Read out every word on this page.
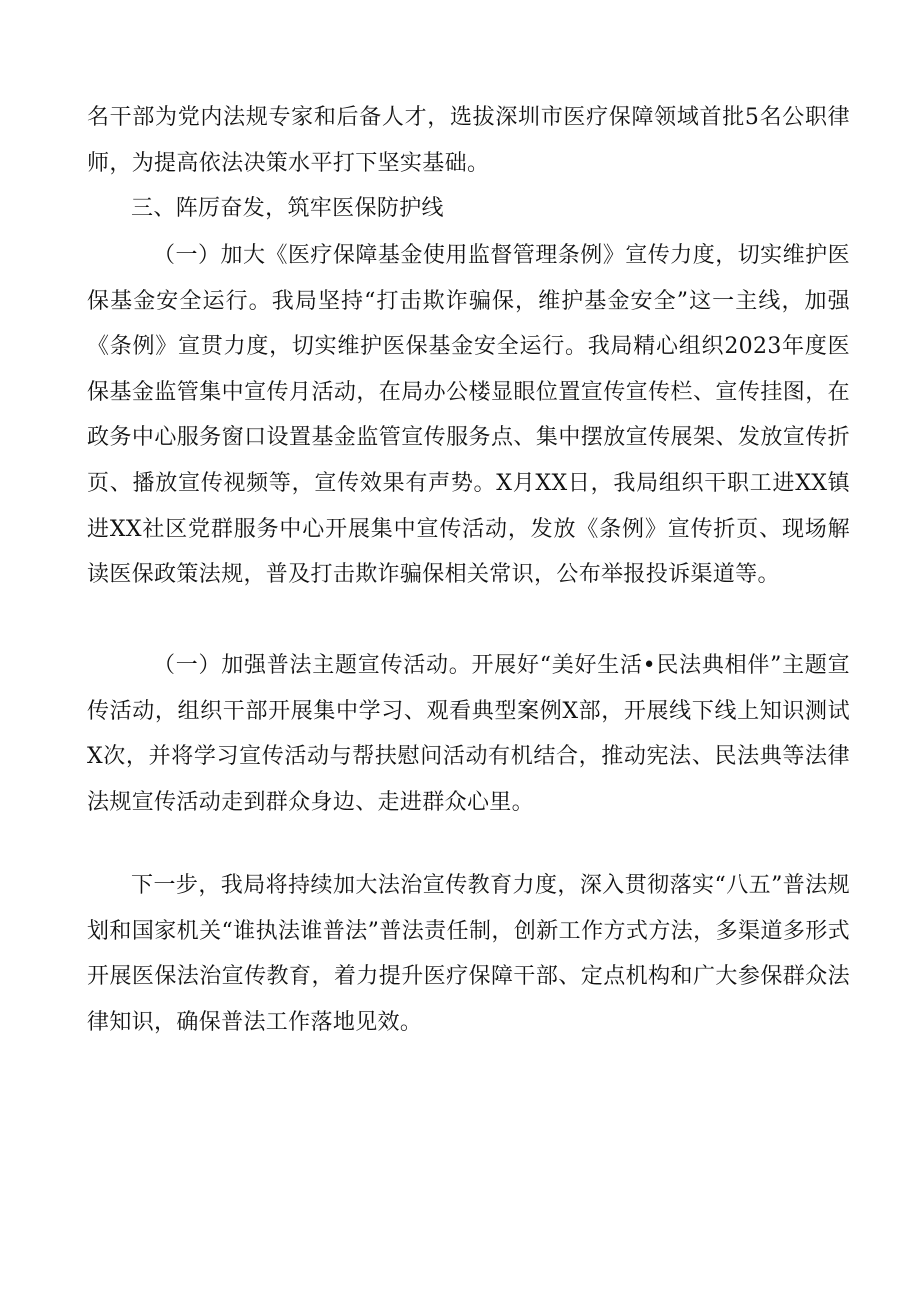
名干部为党内法规专家和后备人才，选拔深圳市医疗保障领域首批5名公职律师，为提高依法决策水平打下坚实基础。

三、阵厉奋发，筑牢医保防护线

（一）加大《医疗保障基金使用监督管理条例》宣传力度，切实维护医保基金安全运行。我局坚持“打击欺诈骗保，维护基金安全”这一主线，加强《条例》宣贯力度，切实维护医保基金安全运行。我局精心组织2023年度医保基金监管集中宣传月活动，在局办公楼显眼位置宣传宣传栏、宣传挂图，在政务中心服务窗口设置基金监管宣传服务点、集中摆放宣传展架、发放宣传折页、播放宣传视频等，宣传效果有声势。X月XX日，我局组织干职工进XX镇进XX社区党群服务中心开展集中宣传活动，发放《条例》宣传折页、现场解读医保政策法规，普及打击欺诈骗保相关常识，公布举报投诉渠道等。

（一）加强普法主题宣传活动。开展好“美好生活•民法典相伴”主题宣传活动，组织干部开展集中学习、观看典型案例X部，开展线下线上知识测试X次，并将学习宣传活动与帮扶慰问活动有机结合，推动宪法、民法典等法律法规宣传活动走到群众身边、走进群众心里。

下一步，我局将持续加大法治宣传教育力度，深入贯彻落实“八五”普法规划和国家机关“谁执法谁普法”普法责任制，创新工作方式方法，多渠道多形式开展医保法治宣传教育，着力提升医疗保障干部、定点机构和广大参保群众法律知识，确保普法工作落地见效。
